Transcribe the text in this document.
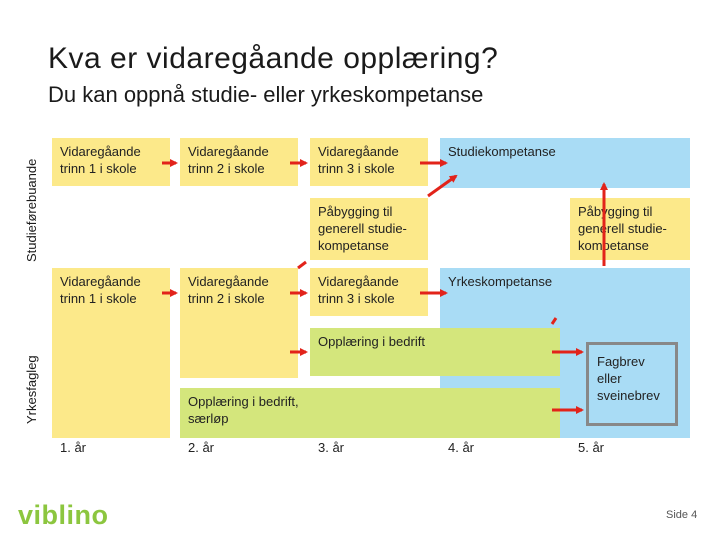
Kva er vidaregåande opplæring?
Du kan oppnå studie- eller yrkeskompetanse
Studieførebuande
Yrkesfagleg
Studiekompetanse
Yrkeskompetanse
Vidaregåande trinn 1 i skole
Vidaregåande trinn 2 i skole
Vidaregåande trinn 3 i skole
Påbygging til generell studie-kompetanse
Påbygging til generell studie-kompetanse
Vidaregåande trinn 1 i skole
Vidaregåande trinn 2 i skole
Vidaregåande trinn 3 i skole
Opplæring i bedrift
Opplæring i bedrift, særløp
Fagbrev eller sveinebrev
1. år	2. år	3. år	4. år	5. år
viblino	Side 4
